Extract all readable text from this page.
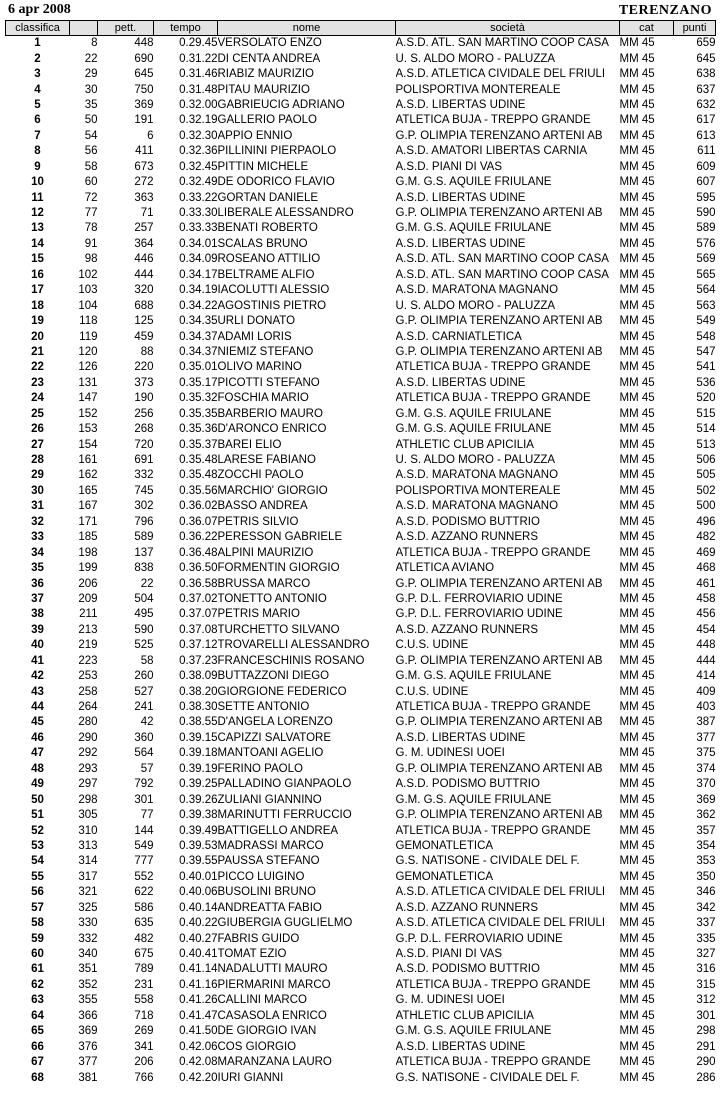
6 apr 2008	TERENZANO
classifica		pett.	tempo	nome	società	cat	punti
1	8	448	0.29.45	VERSOLATO ENZO	A.S.D. ATL. SAN MARTINO COOP CASA	MM 45	659
2	22	690	0.31.22	DI CENTA ANDREA	U. S. ALDO MORO - PALUZZA	MM 45	645
3	29	645	0.31.46	RIABIZ MAURIZIO	A.S.D. ATLETICA CIVIDALE DEL FRIULI	MM 45	638
4	30	750	0.31.48	PITAU MAURIZIO	POLISPORTIVA MONTEREALE	MM 45	637
5	35	369	0.32.00	GABRIEUCIG ADRIANO	A.S.D. LIBERTAS UDINE	MM 45	632
6	50	191	0.32.19	GALLERIO PAOLO	ATLETICA BUJA - TREPPO GRANDE	MM 45	617
7	54	6	0.32.30	APPIO ENNIO	G.P. OLIMPIA TERENZANO ARTENI AB	MM 45	613
8	56	411	0.32.36	PILLININI PIERPAOLO	A.S.D. AMATORI LIBERTAS CARNIA	MM 45	611
9	58	673	0.32.45	PITTIN MICHELE	A.S.D. PIANI DI VAS	MM 45	609
10	60	272	0.32.49	DE ODORICO FLAVIO	G.M. G.S. AQUILE FRIULANE	MM 45	607
11	72	363	0.33.22	GORTAN DANIELE	A.S.D. LIBERTAS UDINE	MM 45	595
12	77	71	0.33.30	LIBERALE ALESSANDRO	G.P. OLIMPIA TERENZANO ARTENI AB	MM 45	590
13	78	257	0.33.33	BENATI ROBERTO	G.M. G.S. AQUILE FRIULANE	MM 45	589
14	91	364	0.34.01	SCALAS BRUNO	A.S.D. LIBERTAS UDINE	MM 45	576
15	98	446	0.34.09	ROSEANO ATTILIO	A.S.D. ATL. SAN MARTINO COOP CASA	MM 45	569
16	102	444	0.34.17	BELTRAME ALFIO	A.S.D. ATL. SAN MARTINO COOP CASA	MM 45	565
17	103	320	0.34.19	IACOLUTTI ALESSIO	A.S.D. MARATONA MAGNANO	MM 45	564
18	104	688	0.34.22	AGOSTINIS PIETRO	U. S. ALDO MORO - PALUZZA	MM 45	563
19	118	125	0.34.35	URLI DONATO	G.P. OLIMPIA TERENZANO ARTENI AB	MM 45	549
20	119	459	0.34.37	ADAMI LORIS	A.S.D. CARNIATLETICA	MM 45	548
21	120	88	0.34.37	NIEMIZ STEFANO	G.P. OLIMPIA TERENZANO ARTENI AB	MM 45	547
22	126	220	0.35.01	OLIVO MARINO	ATLETICA BUJA - TREPPO GRANDE	MM 45	541
23	131	373	0.35.17	PICOTTI STEFANO	A.S.D. LIBERTAS UDINE	MM 45	536
24	147	190	0.35.32	FOSCHIA MARIO	ATLETICA BUJA - TREPPO GRANDE	MM 45	520
25	152	256	0.35.35	BARBERIO MAURO	G.M. G.S. AQUILE FRIULANE	MM 45	515
26	153	268	0.35.36	D'ARONCO ENRICO	G.M. G.S. AQUILE FRIULANE	MM 45	514
27	154	720	0.35.37	BAREI ELIO	ATHLETIC CLUB APICILIA	MM 45	513
28	161	691	0.35.48	LARESE FABIANO	U. S. ALDO MORO - PALUZZA	MM 45	506
29	162	332	0.35.48	ZOCCHI PAOLO	A.S.D. MARATONA MAGNANO	MM 45	505
30	165	745	0.35.56	MARCHIO' GIORGIO	POLISPORTIVA MONTEREALE	MM 45	502
31	167	302	0.36.02	BASSO ANDREA	A.S.D. MARATONA MAGNANO	MM 45	500
32	171	796	0.36.07	PETRIS SILVIO	A.S.D. PODISMO BUTTRIO	MM 45	496
33	185	589	0.36.22	PERESSON GABRIELE	A.S.D. AZZANO RUNNERS	MM 45	482
34	198	137	0.36.48	ALPINI MAURIZIO	ATLETICA BUJA - TREPPO GRANDE	MM 45	469
35	199	838	0.36.50	FORMENTIN GIORGIO	ATLETICA AVIANO	MM 45	468
36	206	22	0.36.58	BRUSSA MARCO	G.P. OLIMPIA TERENZANO ARTENI AB	MM 45	461
37	209	504	0.37.02	TONETTO ANTONIO	G.P. D.L. FERROVIARIO UDINE	MM 45	458
38	211	495	0.37.07	PETRIS MARIO	G.P. D.L. FERROVIARIO UDINE	MM 45	456
39	213	590	0.37.08	TURCHETTO SILVANO	A.S.D. AZZANO RUNNERS	MM 45	454
40	219	525	0.37.12	TROVARELLI ALESSANDRO	C.U.S. UDINE	MM 45	448
41	223	58	0.37.23	FRANCESCHINIS ROSANO	G.P. OLIMPIA TERENZANO ARTENI AB	MM 45	444
42	253	260	0.38.09	BUTTAZZONI DIEGO	G.M. G.S. AQUILE FRIULANE	MM 45	414
43	258	527	0.38.20	GIORGIONE FEDERICO	C.U.S. UDINE	MM 45	409
44	264	241	0.38.30	SETTE ANTONIO	ATLETICA BUJA - TREPPO GRANDE	MM 45	403
45	280	42	0.38.55	D'ANGELA LORENZO	G.P. OLIMPIA TERENZANO ARTENI AB	MM 45	387
46	290	360	0.39.15	CAPIZZI SALVATORE	A.S.D. LIBERTAS UDINE	MM 45	377
47	292	564	0.39.18	MANTOANI AGELIO	G. M. UDINESI UOEI	MM 45	375
48	293	57	0.39.19	FERINO PAOLO	G.P. OLIMPIA TERENZANO ARTENI AB	MM 45	374
49	297	792	0.39.25	PALLADINO GIANPAOLO	A.S.D. PODISMO BUTTRIO	MM 45	370
50	298	301	0.39.26	ZULIANI GIANNINO	G.M. G.S. AQUILE FRIULANE	MM 45	369
51	305	77	0.39.38	MARINUTTI FERRUCCIO	G.P. OLIMPIA TERENZANO ARTENI AB	MM 45	362
52	310	144	0.39.49	BATTIGELLO ANDREA	ATLETICA BUJA - TREPPO GRANDE	MM 45	357
53	313	549	0.39.53	MADRASSI MARCO	GEMONATLETICA	MM 45	354
54	314	777	0.39.55	PAUSSA STEFANO	G.S. NATISONE - CIVIDALE DEL F.	MM 45	353
55	317	552	0.40.01	PICCO LUIGINO	GEMONATLETICA	MM 45	350
56	321	622	0.40.06	BUSOLINI BRUNO	A.S.D. ATLETICA CIVIDALE DEL FRIULI	MM 45	346
57	325	586	0.40.14	ANDREATTA FABIO	A.S.D. AZZANO RUNNERS	MM 45	342
58	330	635	0.40.22	GIUBERGIA GUGLIELMO	A.S.D. ATLETICA CIVIDALE DEL FRIULI	MM 45	337
59	332	482	0.40.27	FABRIS GUIDO	G.P. D.L. FERROVIARIO UDINE	MM 45	335
60	340	675	0.40.41	TOMAT EZIO	A.S.D. PIANI DI VAS	MM 45	327
61	351	789	0.41.14	NADALUTTI MAURO	A.S.D. PODISMO BUTTRIO	MM 45	316
62	352	231	0.41.16	PIERMARINI MARCO	ATLETICA BUJA - TREPPO GRANDE	MM 45	315
63	355	558	0.41.26	CALLINI MARCO	G. M. UDINESI UOEI	MM 45	312
64	366	718	0.41.47	CASASOLA ENRICO	ATHLETIC CLUB APICILIA	MM 45	301
65	369	269	0.41.50	DE GIORGIO IVAN	G.M. G.S. AQUILE FRIULANE	MM 45	298
66	376	341	0.42.06	COS GIORGIO	A.S.D. LIBERTAS UDINE	MM 45	291
67	377	206	0.42.08	MARANZANA LAURO	ATLETICA BUJA - TREPPO GRANDE	MM 45	290
68	381	766	0.42.20	IURI GIANNI	G.S. NATISONE - CIVIDALE DEL F.	MM 45	286
